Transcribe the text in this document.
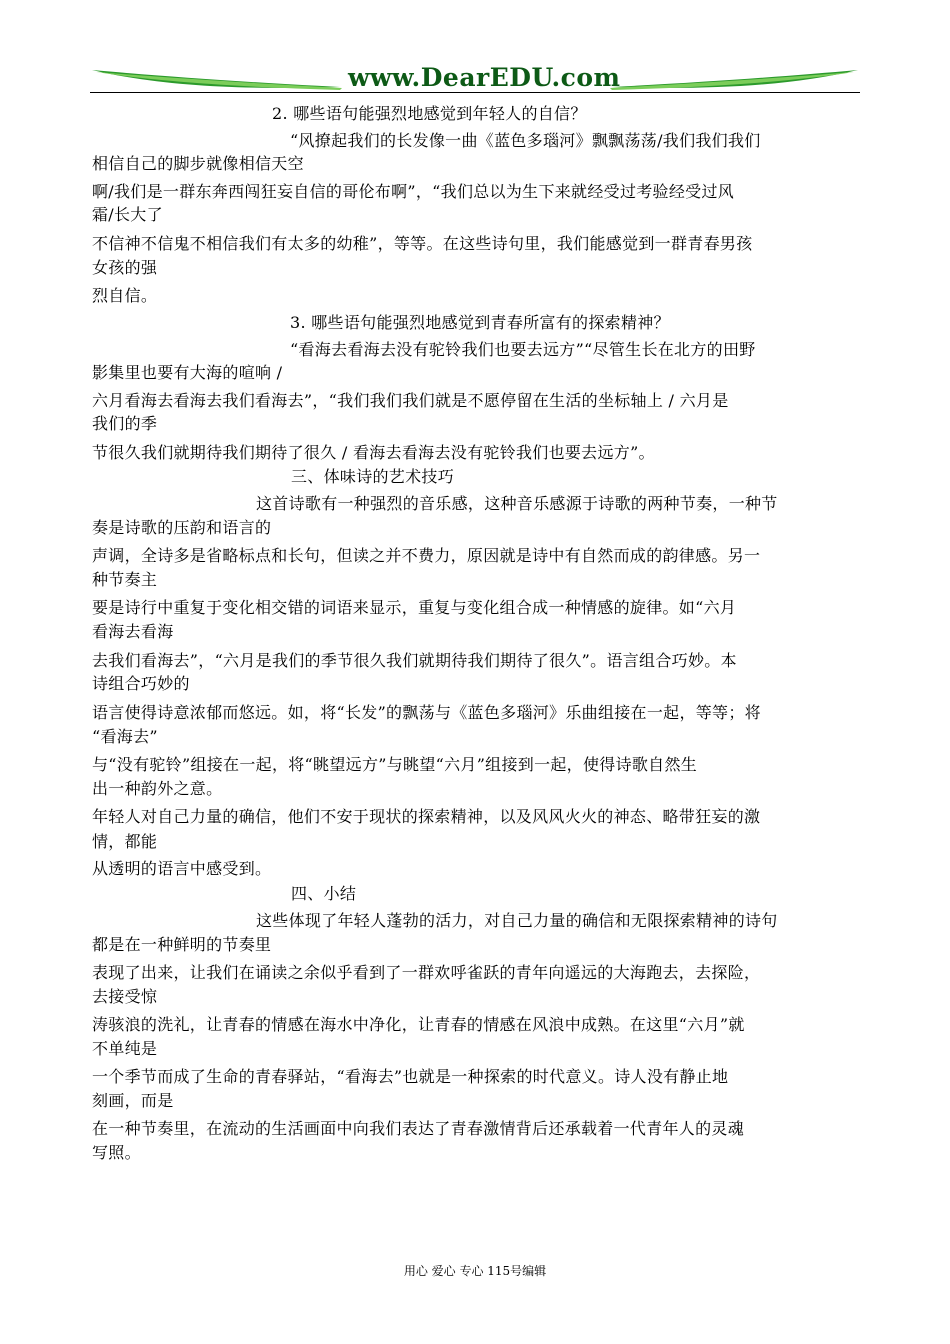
www.DearEDU.com
2. 哪些语句能强烈地感觉到年轻人的自信？
“风撩起我们的长发像一曲《蓝色多瑙河》飘飘荡荡/我们我们我们
相信自己的脚步就像相信天空
啊/我们是一群东奔西闯狂妄自信的哥伦布啊”，“我们总以为生下来就经受过考验经受过风
霜/长大了
不信神不信鬼不相信我们有太多的幼稚”，等等。在这些诗句里，我们能感觉到一群青春男孩
女孩的强
烈自信。
3. 哪些语句能强烈地感觉到青春所富有的探索精神？
“看海去看海去没有驼铃我们也要去远方”“尽管生长在北方的田野
影集里也要有大海的喧响 /
六月看海去看海去我们看海去”，“我们我们我们就是不愿停留在生活的坐标轴上 / 六月是
我们的季
节很久我们就期待我们期待了很久 / 看海去看海去没有驼铃我们也要去远方”。
三、体味诗的艺术技巧
这首诗歌有一种强烈的音乐感，这种音乐感源于诗歌的两种节奏，一种节
奏是诗歌的压韵和语言的
声调，全诗多是省略标点和长句，但读之并不费力，原因就是诗中有自然而成的韵律感。另一
种节奏主
要是诗行中重复于变化相交错的词语来显示，重复与变化组合成一种情感的旋律。如“六月
看海去看海
去我们看海去”，“六月是我们的季节很久我们就期待我们期待了很久”。语言组合巧妙。本
诗组合巧妙的
语言使得诗意浓郁而悠远。如，将“长发”的飘荡与《蓝色多瑙河》乐曲组接在一起，等等；将
“看海去”
与“没有驼铃”组接在一起，将“眺望远方”与眺望“六月”组接到一起，使得诗歌自然生
出一种韵外之意。
年轻人对自己力量的确信，他们不安于现状的探索精神，以及风风火火的神态、略带狂妄的激
情，都能
从透明的语言中感受到。
四、小结
这些体现了年轻人蓬勃的活力，对自己力量的确信和无限探索精神的诗句
都是在一种鲜明的节奏里
表现了出来，让我们在诵读之余似乎看到了一群欢呼雀跃的青年向遥远的大海跑去，去探险，
去接受惊
涛骇浪的洗礼，让青春的情感在海水中净化，让青春的情感在风浪中成熟。在这里“六月”就
不单纯是
一个季节而成了生命的青春驿站，“看海去”也就是一种探索的时代意义。诗人没有静止地
刻画，而是
在一种节奏里，在流动的生活画面中向我们表达了青春激情背后还承载着一代青年人的灵魂
写照。
用心 爱心 专心 115号编辑
